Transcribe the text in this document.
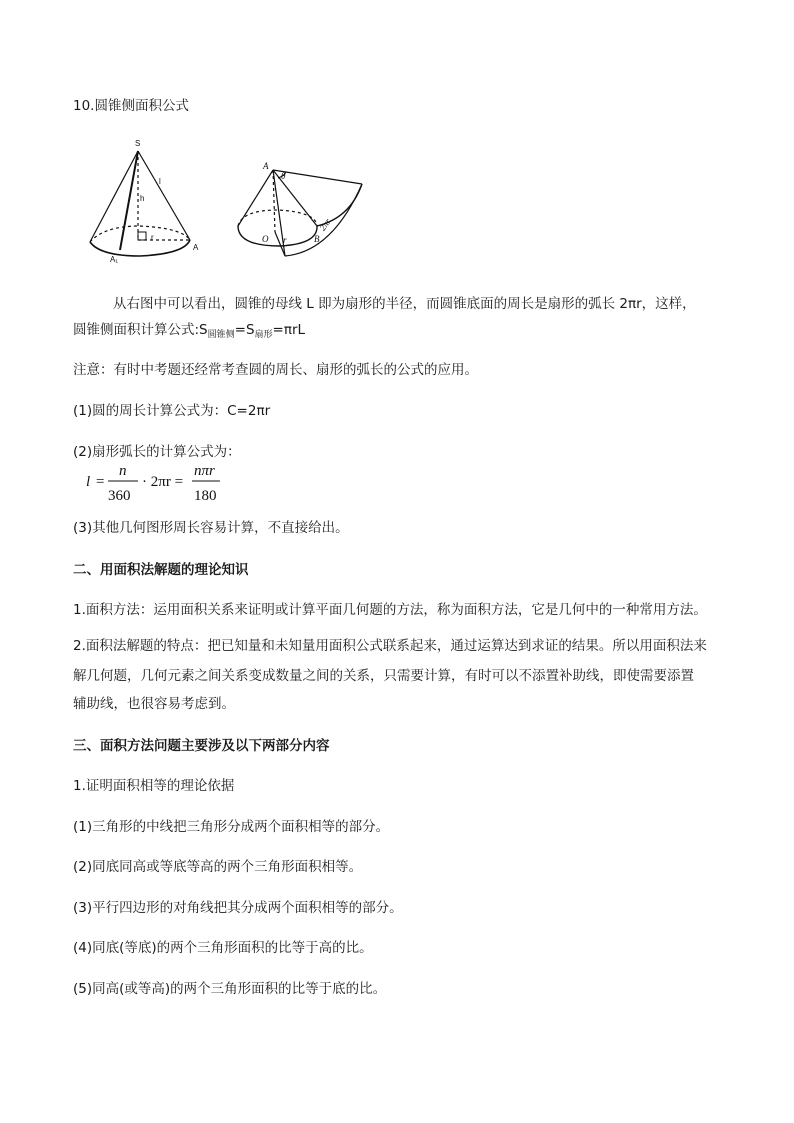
10.圆锥侧面积公式
S
l
h
r
A
A₁
A
θ
2πr
O r	B
从右图中可以看出，圆锥的母线 L 即为扇形的半径，而圆锥底面的周长是扇形的弧长 2πr，这样，
圆锥侧面积计算公式$:S_{圆锥侧}=S_{扇形}=\pi rL$
注意：有时中考题还经常考查圆的周长、扇形的弧长的公式的应用。
(1)圆的周长计算公式为：C=2πr
(2)扇形弧长的计算公式为：
l =
n
360
· 2πr =
nπr
180
(3)其他几何图形周长容易计算，不直接给出。
二、用面积法解题的理论知识
1.面积方法：运用面积关系来证明或计算平面几何题的方法，称为面积方法，它是几何中的一种常用方法。
2.面积法解题的特点：把已知量和未知量用面积公式联系起来，通过运算达到求证的结果。所以用面积法来
解几何题，几何元素之间关系变成数量之间的关系，只需要计算，有时可以不添置补助线，即使需要添置
辅助线，也很容易考虑到。
三、面积方法问题主要涉及以下两部分内容
1.证明面积相等的理论依据
(1)三角形的中线把三角形分成两个面积相等的部分。
(2)同底同高或等底等高的两个三角形面积相等。
(3)平行四边形的对角线把其分成两个面积相等的部分。
(4)同底(等底)的两个三角形面积的比等于高的比。
(5)同高(或等高)的两个三角形面积的比等于底的比。
